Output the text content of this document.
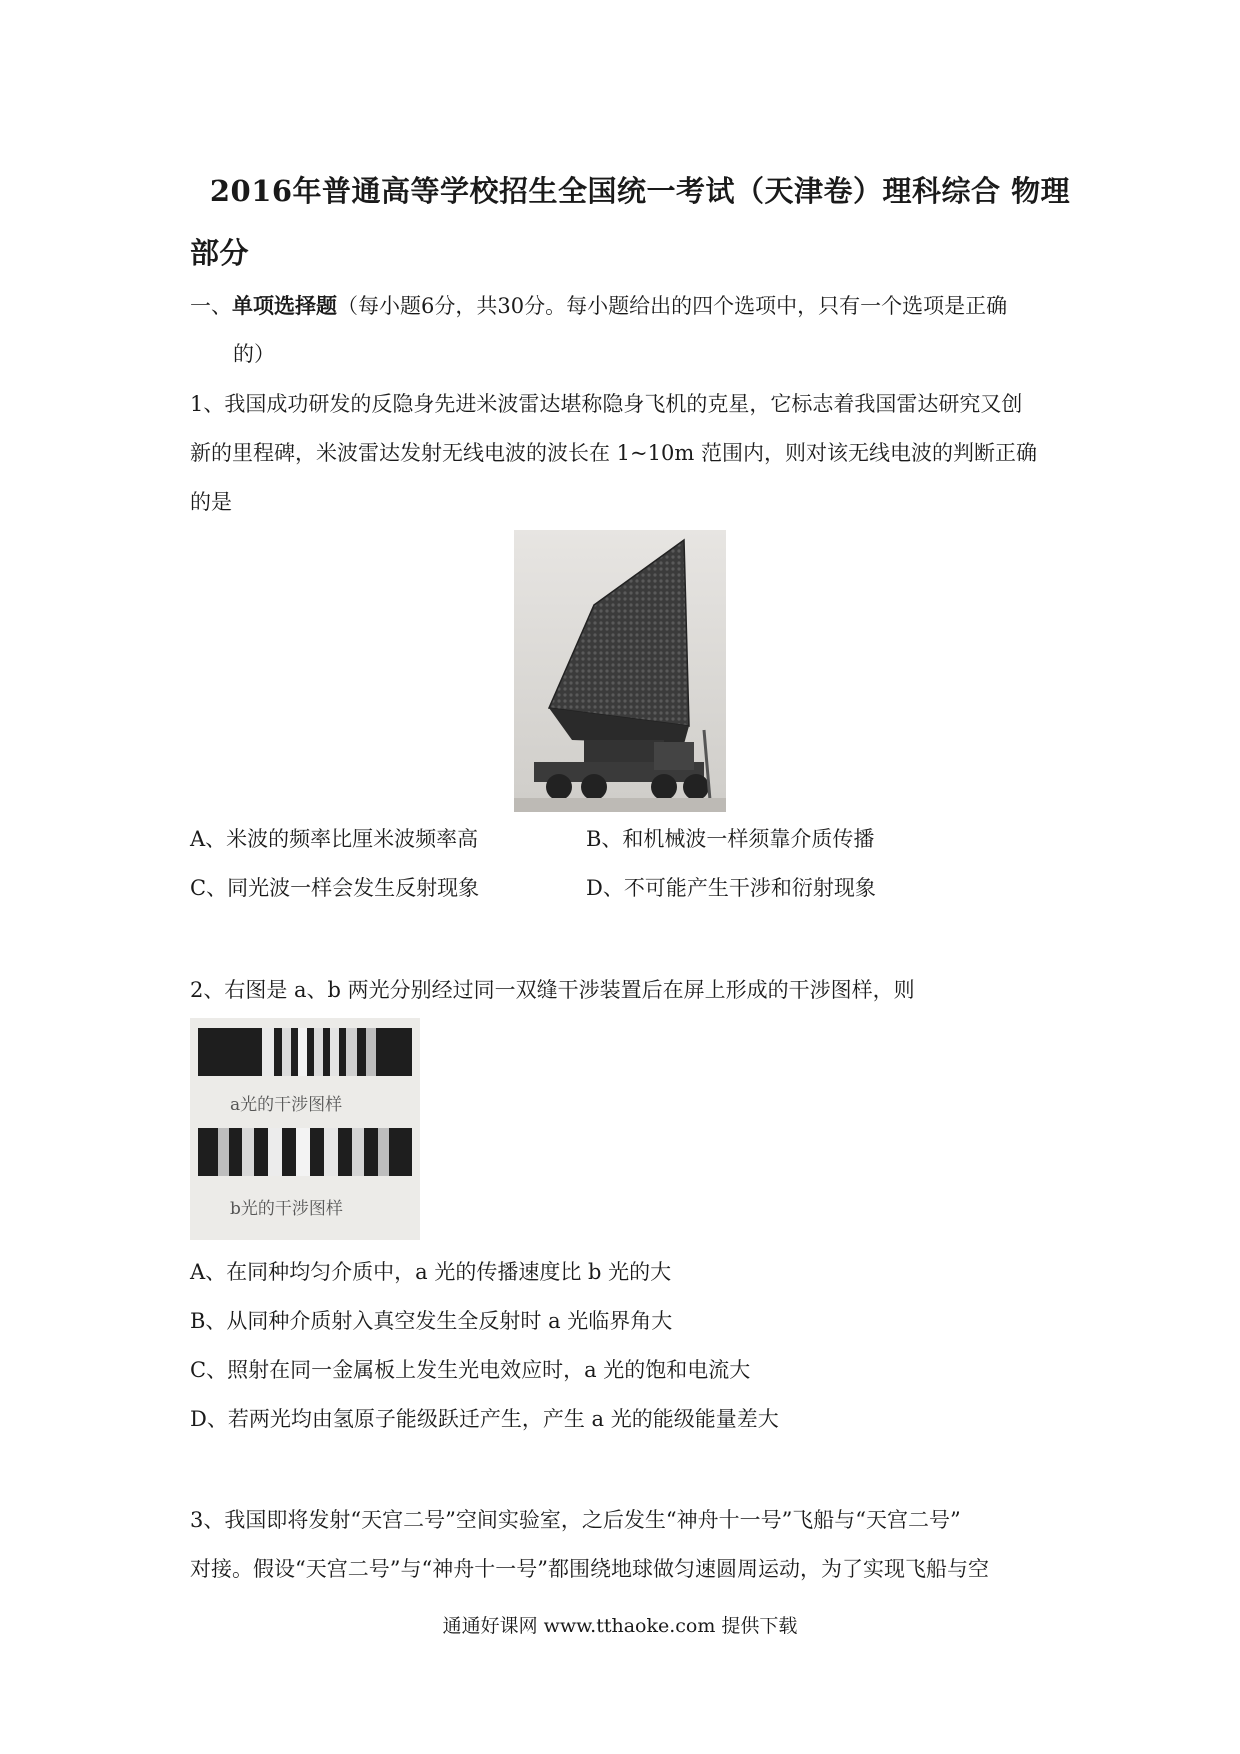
2016年普通高等学校招生全国统一考试（天津卷）理科综合 物理
部分
一、单项选择题（每小题6分，共30分。每小题给出的四个选项中，只有一个选项是正确
的）
1、我国成功研发的反隐身先进米波雷达堪称隐身飞机的克星，它标志着我国雷达研究又创
新的里程碑，米波雷达发射无线电波的波长在 1~10m 范围内，则对该无线电波的判断正确
的是
A、米波的频率比厘米波频率高	B、和机械波一样须靠介质传播
C、同光波一样会发生反射现象	D、不可能产生干涉和衍射现象
2、右图是 a、b 两光分别经过同一双缝干涉装置后在屏上形成的干涉图样，则
a光的干涉图样
b光的干涉图样
A、在同种均匀介质中，a 光的传播速度比 b 光的大
B、从同种介质射入真空发生全反射时 a 光临界角大
C、照射在同一金属板上发生光电效应时，a 光的饱和电流大
D、若两光均由氢原子能级跃迁产生，产生 a 光的能级能量差大
3、我国即将发射“天宫二号”空间实验室，之后发生“神舟十一号”飞船与“天宫二号”
对接。假设“天宫二号”与“神舟十一号”都围绕地球做匀速圆周运动，为了实现飞船与空
通通好课网 www.tthaoke.com 提供下载
